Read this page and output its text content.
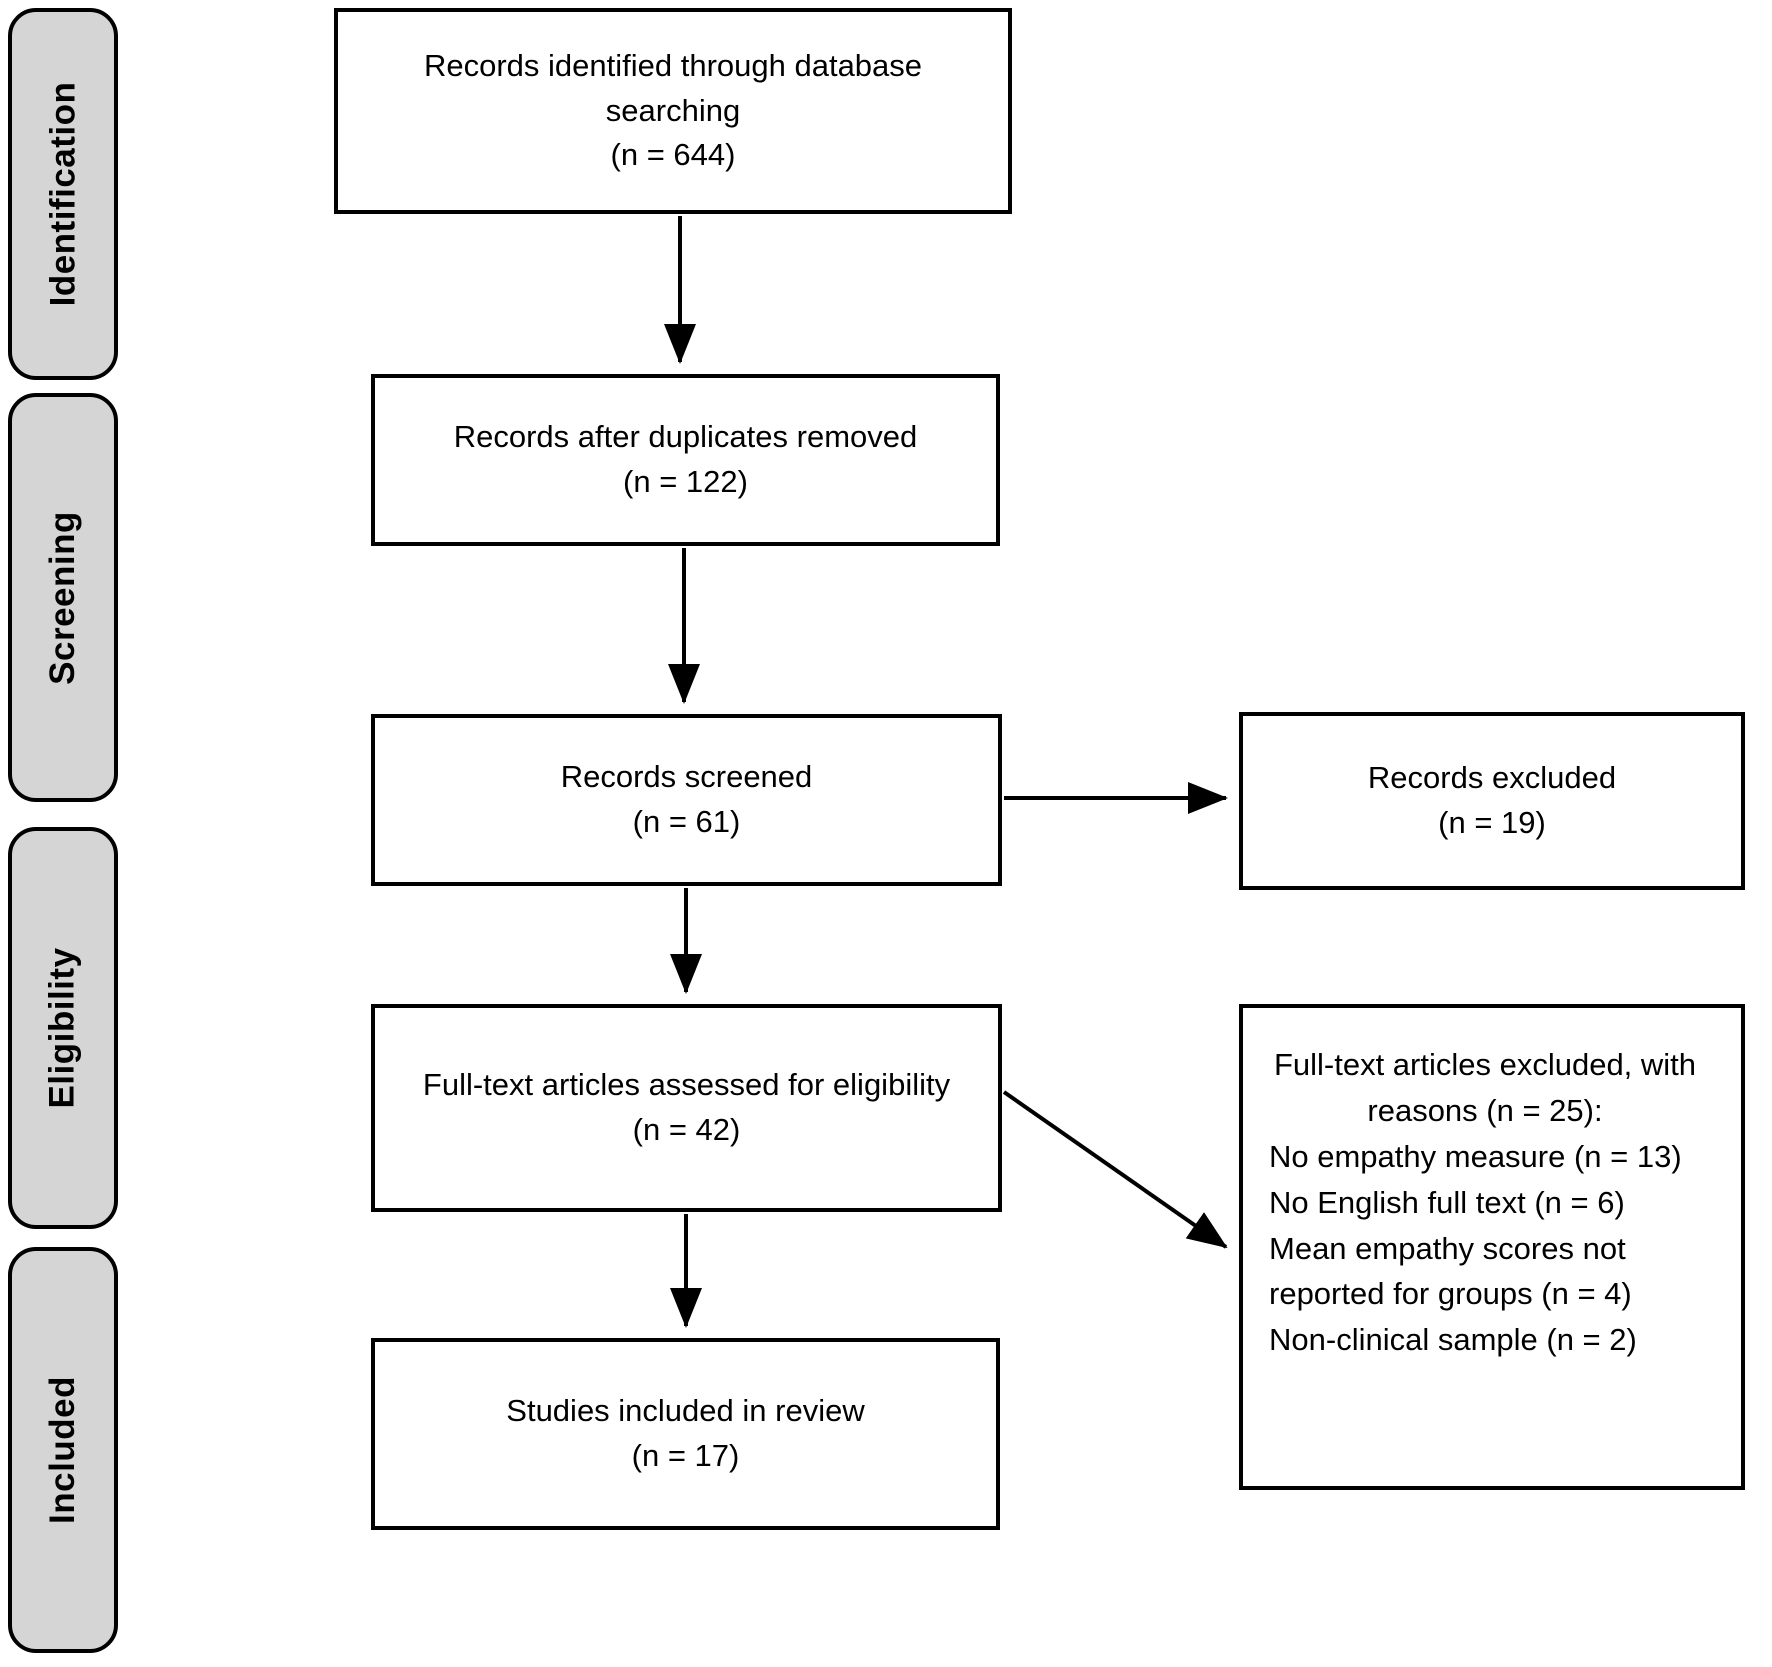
Identification
Screening
Eligibility
Included
Records identified through database searching
(n = 644)
Records after duplicates removed
(n = 122)
Records screened
(n = 61)
Records excluded
(n = 19)
Full-text articles assessed for eligibility
(n = 42)
Full-text articles excluded, with reasons (n = 25):
No empathy measure (n = 13)
No English full text (n = 6)
Mean empathy scores not reported for groups (n = 4)
Non-clinical sample (n = 2)
Studies included in review
(n = 17)
